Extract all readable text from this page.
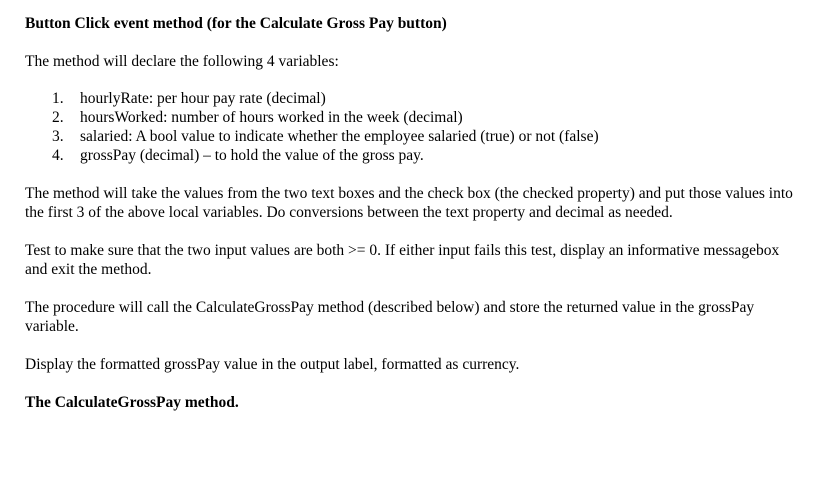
Button Click event method (for the Calculate Gross Pay button)

The method will declare the following 4 variables:

1. hourlyRate: per hour pay rate (decimal)
2. hoursWorked: number of hours worked in the week (decimal)
3. salaried: A bool value to indicate whether the employee salaried (true) or not (false)
4. grossPay (decimal) – to hold the value of the gross pay.

The method will take the values from the two text boxes and the check box (the checked property) and put those values into the first 3 of the above local variables. Do conversions between the text property and decimal as needed.

Test to make sure that the two input values are both >= 0. If either input fails this test, display an informative messagebox and exit the method.

The procedure will call the CalculateGrossPay method (described below) and store the returned value in the grossPay variable.

Display the formatted grossPay value in the output label, formatted as currency.

The CalculateGrossPay method.
